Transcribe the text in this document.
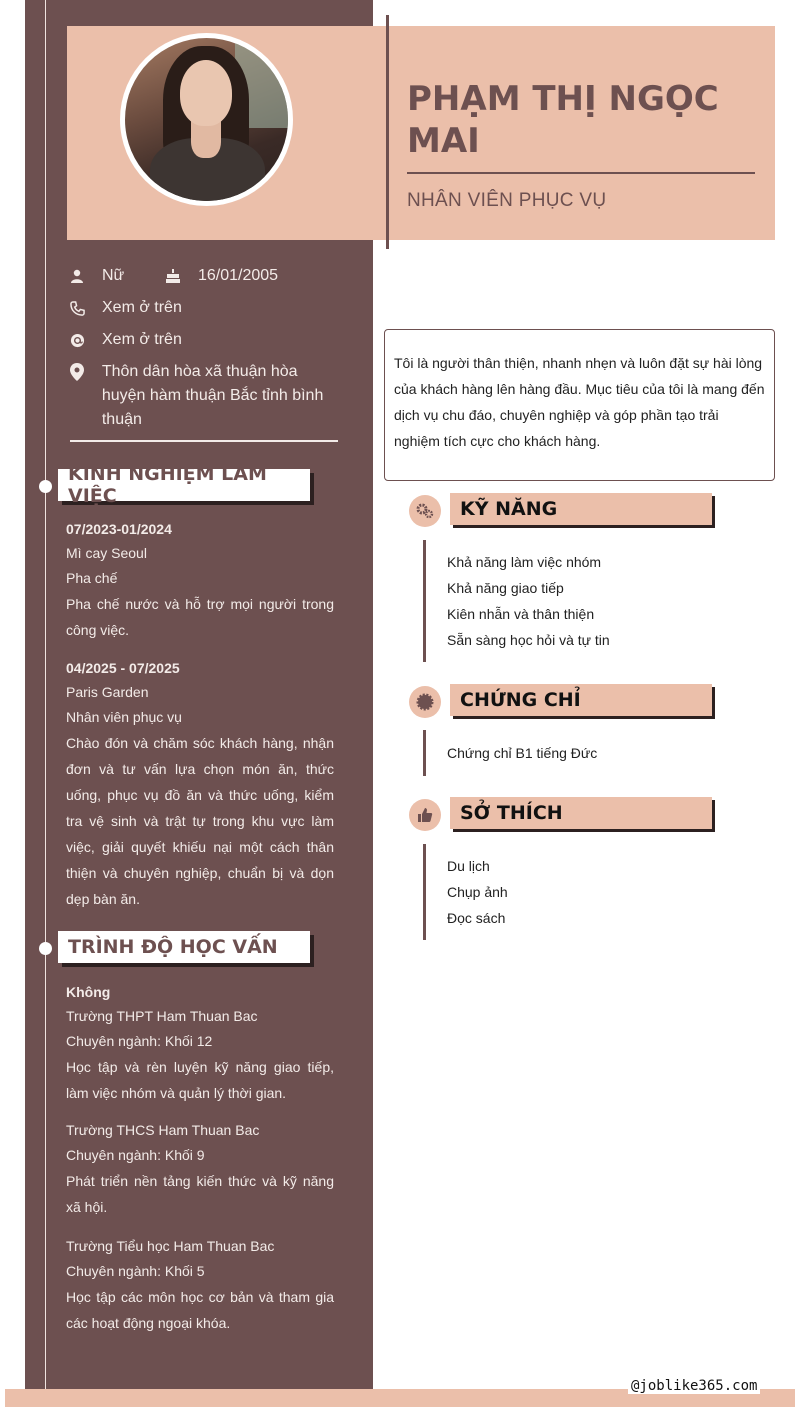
PHẠM THỊ NGỌC MAI
NHÂN VIÊN PHỤC VỤ
Nữ	16/01/2005
Xem ở trên
Xem ở trên
Thôn dân hòa xã thuận hòa huyện hàm thuận Bắc tỉnh bình thuận
KINH NGHIỆM LÀM VIỆC
07/2023-01/2024
Mì cay Seoul
Pha chế
Pha chế nước và hỗ trợ mọi người trong công việc.
04/2025 - 07/2025
Paris Garden
Nhân viên phục vụ
Chào đón và chăm sóc khách hàng, nhận đơn và tư vấn lựa chọn món ăn, thức uống, phục vụ đồ ăn và thức uống, kiểm tra vệ sinh và trật tự trong khu vực làm việc, giải quyết khiếu nại một cách thân thiện và chuyên nghiệp, chuẩn bị và dọn dẹp bàn ăn.
TRÌNH ĐỘ HỌC VẤN
Không
Trường THPT Ham Thuan Bac
Chuyên ngành: Khối 12
Học tập và rèn luyện kỹ năng giao tiếp, làm việc nhóm và quản lý thời gian.
Trường THCS Ham Thuan Bac
Chuyên ngành: Khối 9
Phát triển nền tảng kiến thức và kỹ năng xã hội.
Trường Tiểu học Ham Thuan Bac
Chuyên ngành: Khối 5
Học tập các môn học cơ bản và tham gia các hoạt động ngoại khóa.
Tôi là người thân thiện, nhanh nhẹn và luôn đặt sự hài lòng của khách hàng lên hàng đầu. Mục tiêu của tôi là mang đến dịch vụ chu đáo, chuyên nghiệp và góp phần tạo trải nghiệm tích cực cho khách hàng.
KỸ NĂNG
Khả năng làm việc nhóm
Khả năng giao tiếp
Kiên nhẫn và thân thiện
Sẵn sàng học hỏi và tự tin
CHỨNG CHỈ
Chứng chỉ B1 tiếng Đức
SỞ THÍCH
Du lịch
Chụp ảnh
Đọc sách
@joblike365.com
